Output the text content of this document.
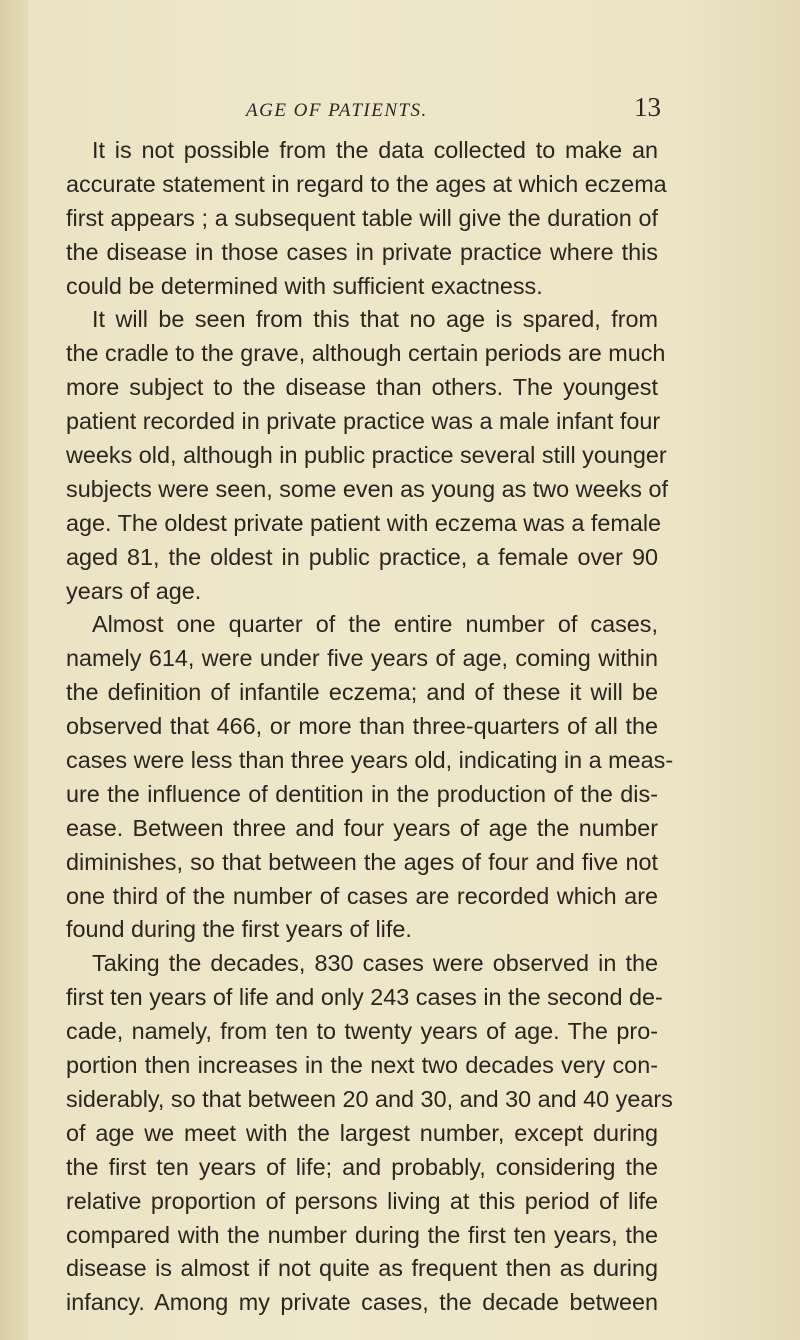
AGE OF PATIENTS.	13
It is not possible from the data collected to make an
accurate statement in regard to the ages at which eczema
first appears ; a subsequent table will give the duration of
the disease in those cases in private practice where this
could be determined with sufficient exactness.
It will be seen from this that no age is spared, from
the cradle to the grave, although certain periods are much
more subject to the disease than others. The youngest
patient recorded in private practice was a male infant four
weeks old, although in public practice several still younger
subjects were seen, some even as young as two weeks of
age. The oldest private patient with eczema was a female
aged 81, the oldest in public practice, a female over 90
years of age.
Almost one quarter of the entire number of cases,
namely 614, were under five years of age, coming within
the definition of infantile eczema; and of these it will be
observed that 466, or more than three-quarters of all the
cases were less than three years old, indicating in a meas-
ure the influence of dentition in the production of the dis-
ease. Between three and four years of age the number
diminishes, so that between the ages of four and five not
one third of the number of cases are recorded which are
found during the first years of life.
Taking the decades, 830 cases were observed in the
first ten years of life and only 243 cases in the second de-
cade, namely, from ten to twenty years of age. The pro-
portion then increases in the next two decades very con-
siderably, so that between 20 and 30, and 30 and 40 years
of age we meet with the largest number, except during
the first ten years of life; and probably, considering the
relative proportion of persons living at this period of life
compared with the number during the first ten years, the
disease is almost if not quite as frequent then as during
infancy. Among my private cases, the decade between
